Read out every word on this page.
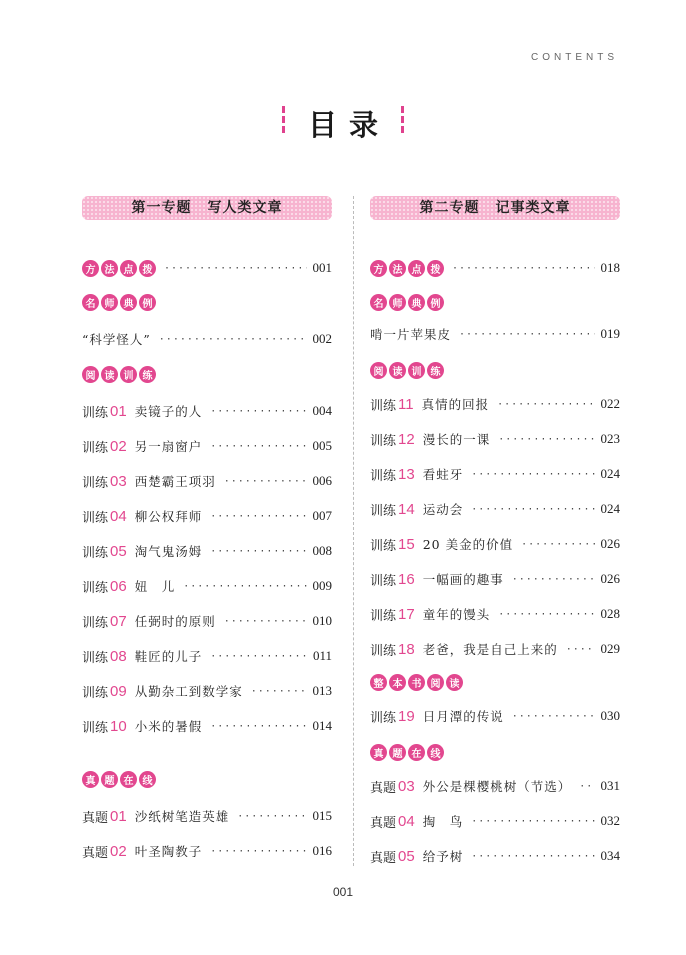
CONTENTS
目录
第一专题 写人类文章
方 法 点 拨 ·····	001
名 师 典 例
“科学怪人” ·····	002
阅 读 训 练
训练 01 卖镜子的人 ·····	004
训练 02 另一扇窗户 ·····	005
训练 03 西楚霸王项羽 ·····	006
训练 04 柳公权拜师 ·····	007
训练 05 淘气鬼汤姆 ·····	008
训练 06 妞　儿 ·····	009
训练 07 任弼时的原则 ·····	010
训练 08 鞋匠的儿子 ·····	011
训练 09 从勤杂工到数学家 ·····	013
训练 10 小米的暑假 ·····	014
真 题 在 线
真题 01 沙纸树笔造英雄 ·····	015
真题 02 叶圣陶教子 ·····	016
第二专题 记事类文章
方 法 点 拨 ·····	018
名 师 典 例
啃一片苹果皮 ·····	019
阅 读 训 练
训练 11 真情的回报 ·····	022
训练 12 漫长的一课 ·····	023
训练 13 看蛀牙 ·····	024
训练 14 运动会 ·····	024
训练 15 20 美金的价值 ·····	026
训练 16 一幅画的趣事 ·····	026
训练 17 童年的馒头 ·····	028
训练 18 老爸，我是自己上来的 ·····	029
整 本 书 阅 读
训练 19 日月潭的传说 ·····	030
真 题 在 线
真题 03 外公是棵樱桃树（节选） ····· 031
真题 04 掏　鸟 ·····	032
真题 05 给予树 ·····	034
001
